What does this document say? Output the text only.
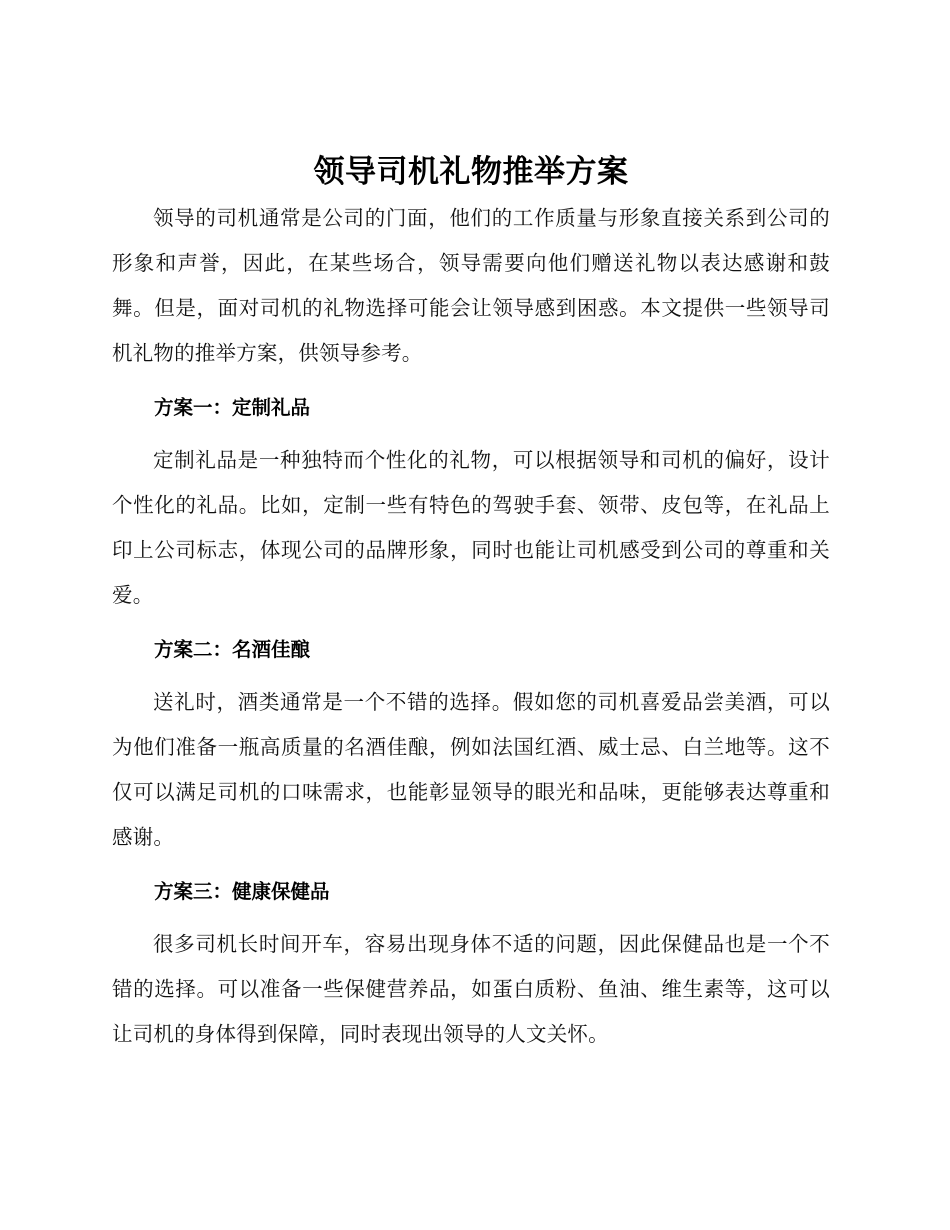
领导司机礼物推举方案

领导的司机通常是公司的门面，他们的工作质量与形象直接关系到公司的形象和声誉，因此，在某些场合，领导需要向他们赠送礼物以表达感谢和鼓舞。但是，面对司机的礼物选择可能会让领导感到困惑。本文提供一些领导司机礼物的推举方案，供领导参考。

方案一：定制礼品

定制礼品是一种独特而个性化的礼物，可以根据领导和司机的偏好，设计个性化的礼品。比如，定制一些有特色的驾驶手套、领带、皮包等，在礼品上印上公司标志，体现公司的品牌形象，同时也能让司机感受到公司的尊重和关爱。

方案二：名酒佳酿

送礼时，酒类通常是一个不错的选择。假如您的司机喜爱品尝美酒，可以为他们准备一瓶高质量的名酒佳酿，例如法国红酒、威士忌、白兰地等。这不仅可以满足司机的口味需求，也能彰显领导的眼光和品味，更能够表达尊重和感谢。

方案三：健康保健品

很多司机长时间开车，容易出现身体不适的问题，因此保健品也是一个不错的选择。可以准备一些保健营养品，如蛋白质粉、鱼油、维生素等，这可以让司机的身体得到保障，同时表现出领导的人文关怀。
